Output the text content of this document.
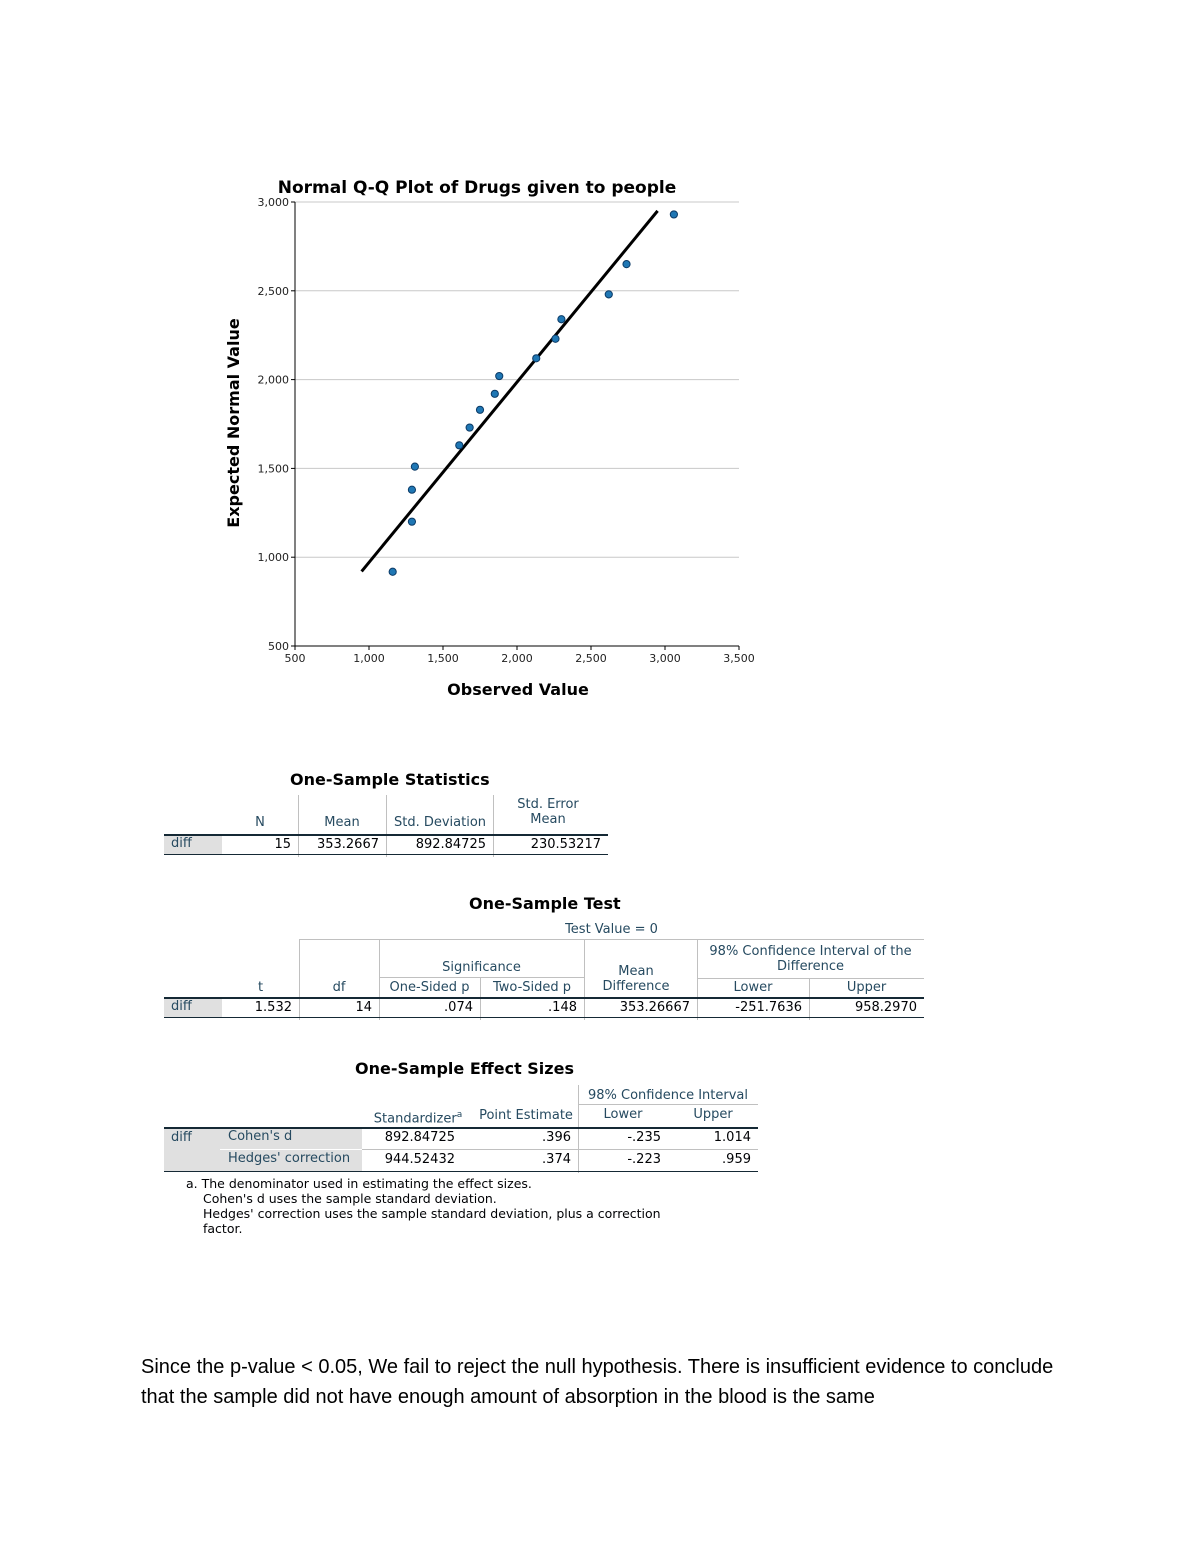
Normal Q-Q Plot of Drugs given to people
Expected Normal Value
Observed Value
500
1,000
1,500
2,000
2,500
3,000
500	1,000	1,500	2,000	2,500	3,000	3,500
One-Sample Statistics
N	Mean	Std. Deviation
Std. Error Mean
diff	15	353.2667	892.84725	230.53217
One-Sample Test
Test Value = 0
Significance
98% Confidence Interval of the Difference
t	df	One-Sided p	Two-Sided p
Mean Difference	Lower	Upper
diff	1.532	14	.074	.148	353.26667	-251.7636	958.2970
One-Sample Effect Sizes
98% Confidence Interval
Standardizer$^a$	Point Estimate	Lower	Upper
diff	Cohen's d	892.84725	.396	-.235	1.014
Hedges' correction	944.52432	.374	-.223	.959
a. The denominator used in estimating the effect sizes.
Cohen's d uses the sample standard deviation.
Hedges' correction uses the sample standard deviation, plus a correction
factor.
Since the p-value < 0.05, We fail to reject the null hypothesis. There is insufficient evidence to conclude that the sample did not have enough amount of absorption in the blood is the same
